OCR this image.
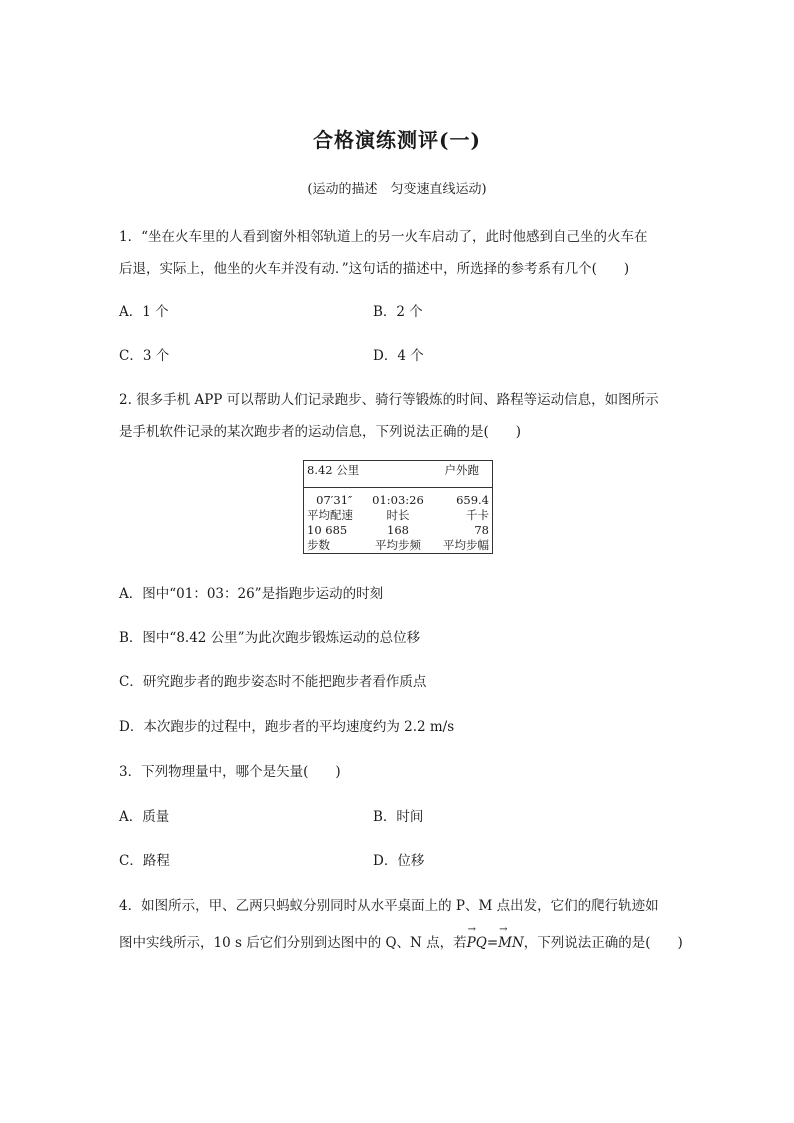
合格演练测评(一)
(运动的描述　匀变速直线运动)
1．“坐在火车里的人看到窗外相邻轨道上的另一火车启动了，此时他感到自己坐的火车在
后退，实际上，他坐的火车并没有动．”这句话的描述中，所选择的参考系有几个(　　)
A．1 个	B．2 个
C．3 个	D．4 个
2. 很多手机 APP 可以帮助人们记录跑步、骑行等锻炼的时间、路程等运动信息，如图所示
是手机软件记录的某次跑步者的运动信息，下列说法正确的是(　　)
8.42 公里		户外跑

07′31″	01:03:26	659.4
平均配速	时长	千卡
10 685	168	78
步数	平均步频	平均步幅
A．图中“01：03：26”是指跑步运动的时刻
B．图中“8.42 公里”为此次跑步锻炼运动的总位移
C．研究跑步者的跑步姿态时不能把跑步者看作质点
D．本次跑步的过程中，跑步者的平均速度约为 2.2 m/s
3．下列物理量中，哪个是矢量(　　)
A．质量	B．时间
C．路程	D．位移
4．如图所示，甲、乙两只蚂蚁分别同时从水平桌面上的 P、M 点出发，它们的爬行轨迹如
图中实线所示，10 s 后它们分别到达图中的 Q、N 点，若→ PQ=→ MN，下列说法正确的是(　　)
